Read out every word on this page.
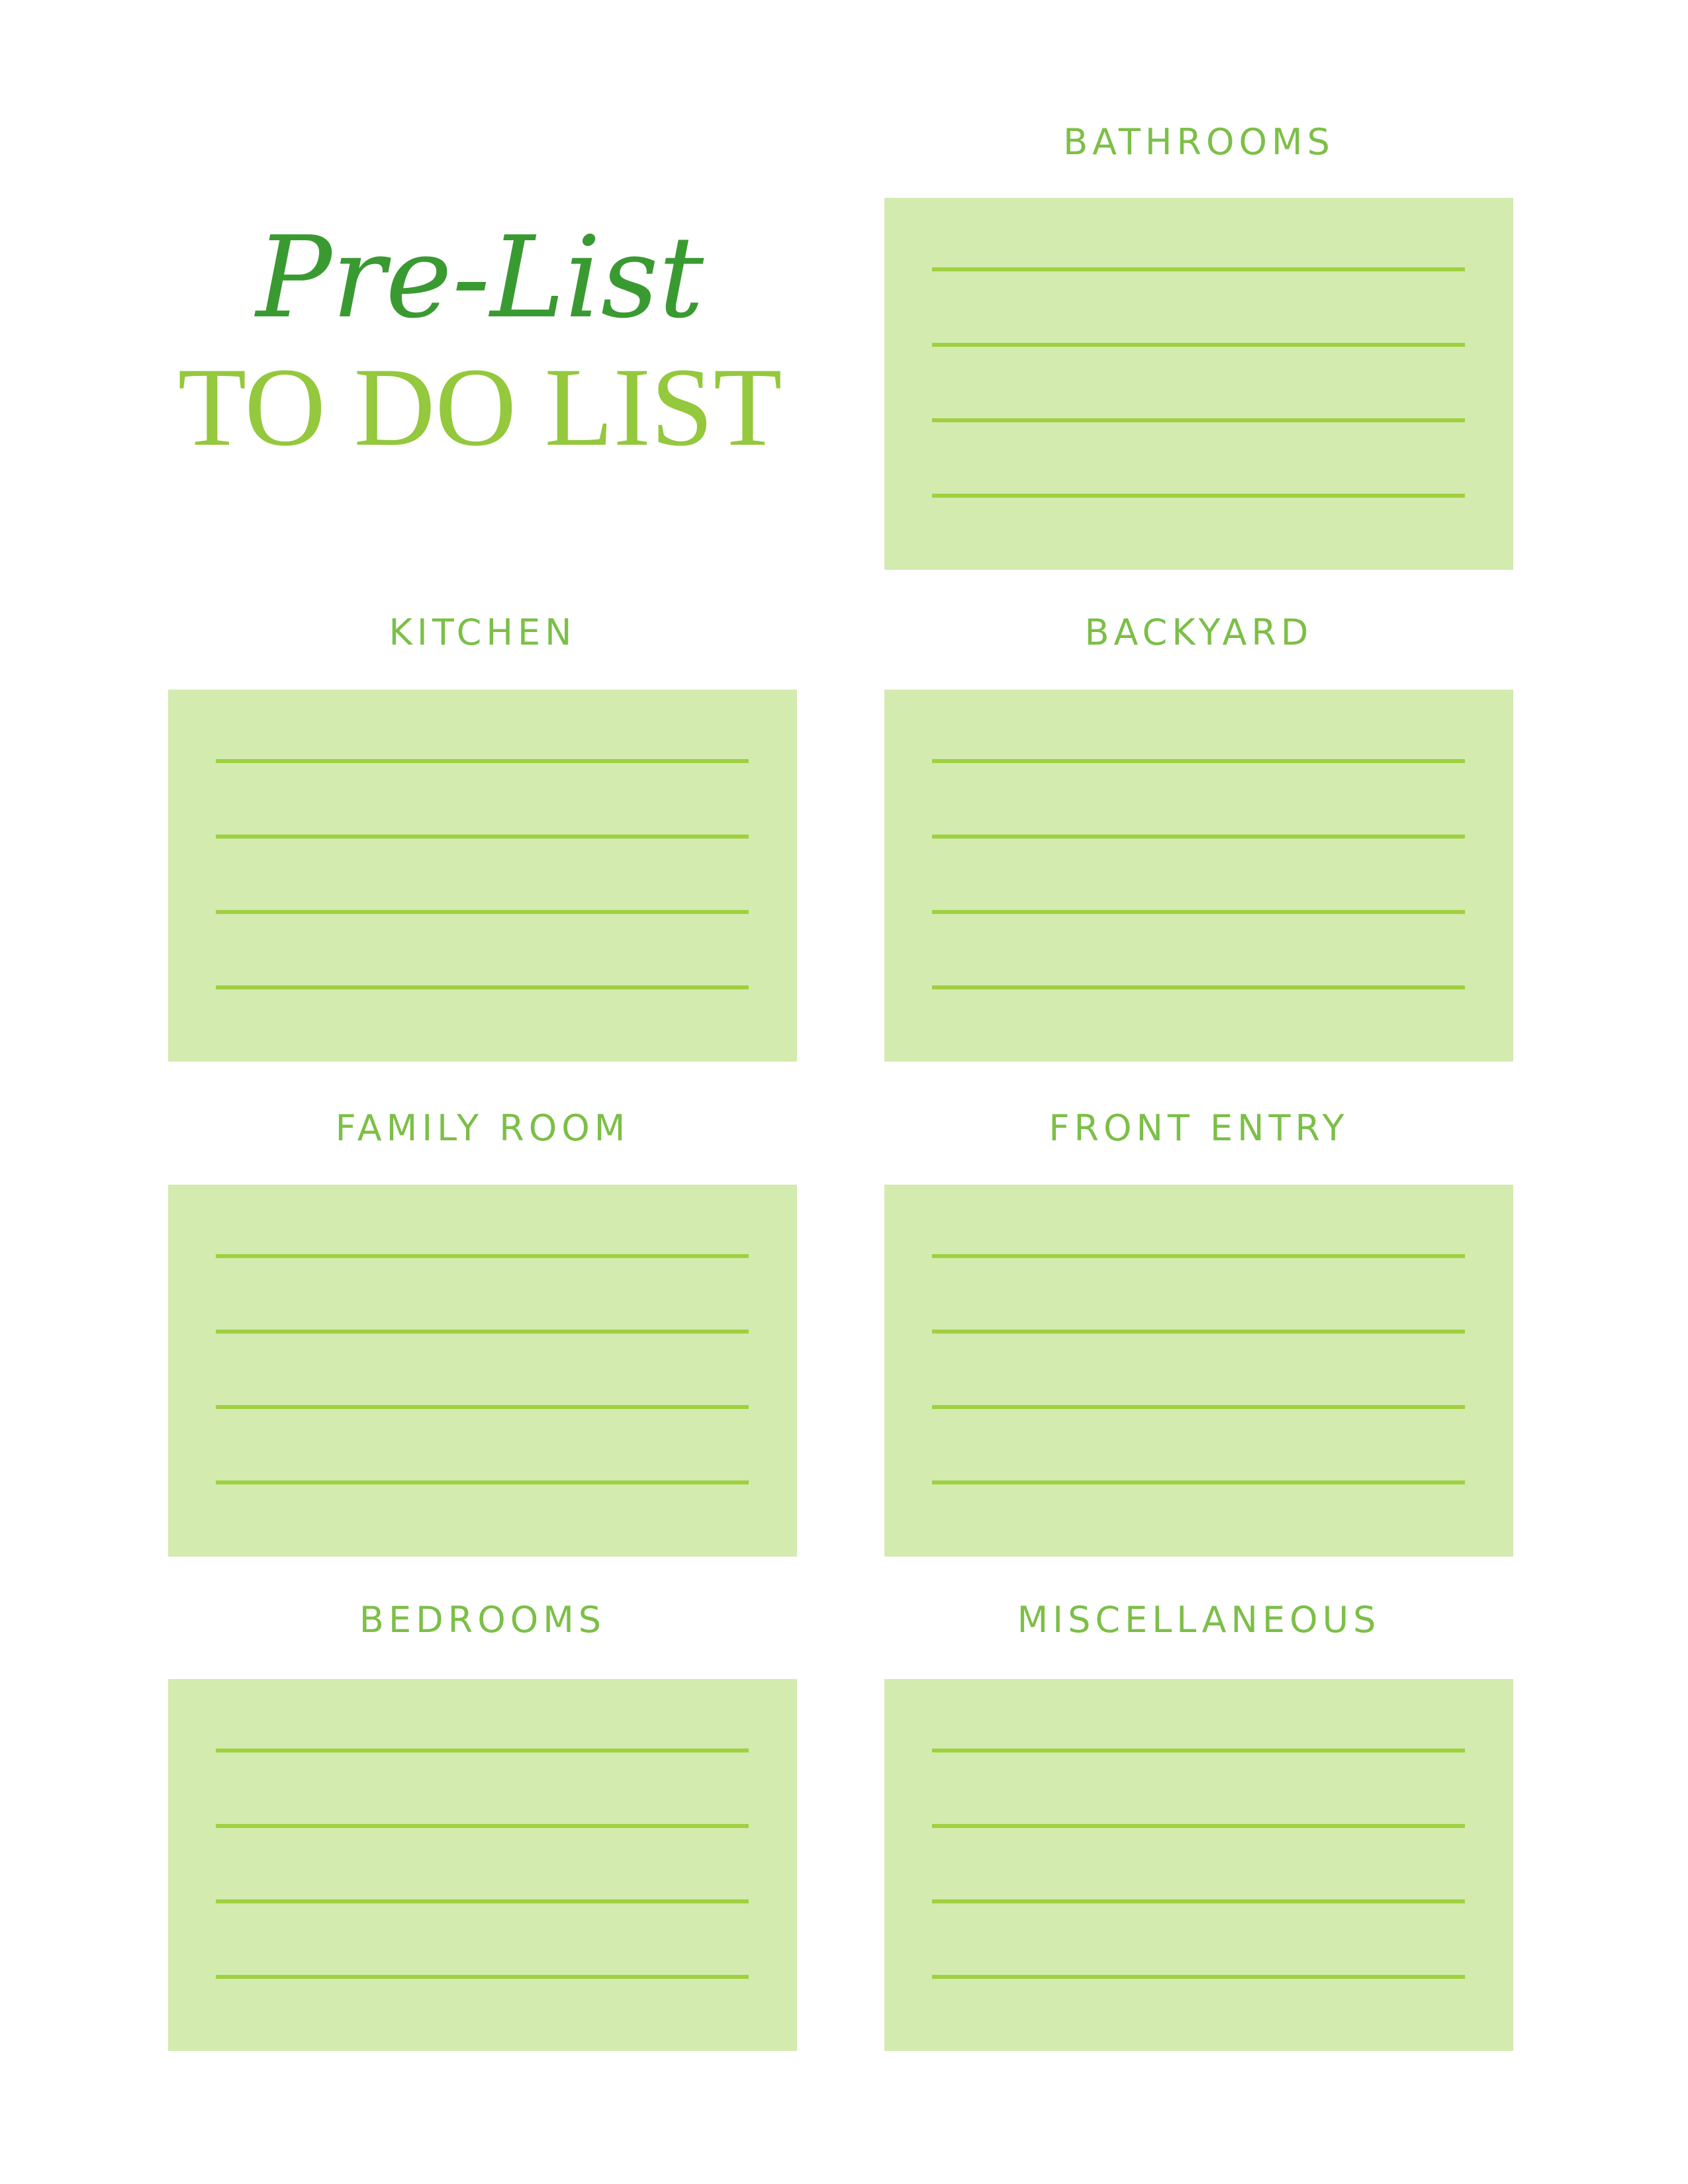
Pre-List
TO DO LIST
BATHROOMS
KITCHEN	BACKYARD
FAMILY ROOM	FRONT ENTRY
BEDROOMS	MISCELLANEOUS
